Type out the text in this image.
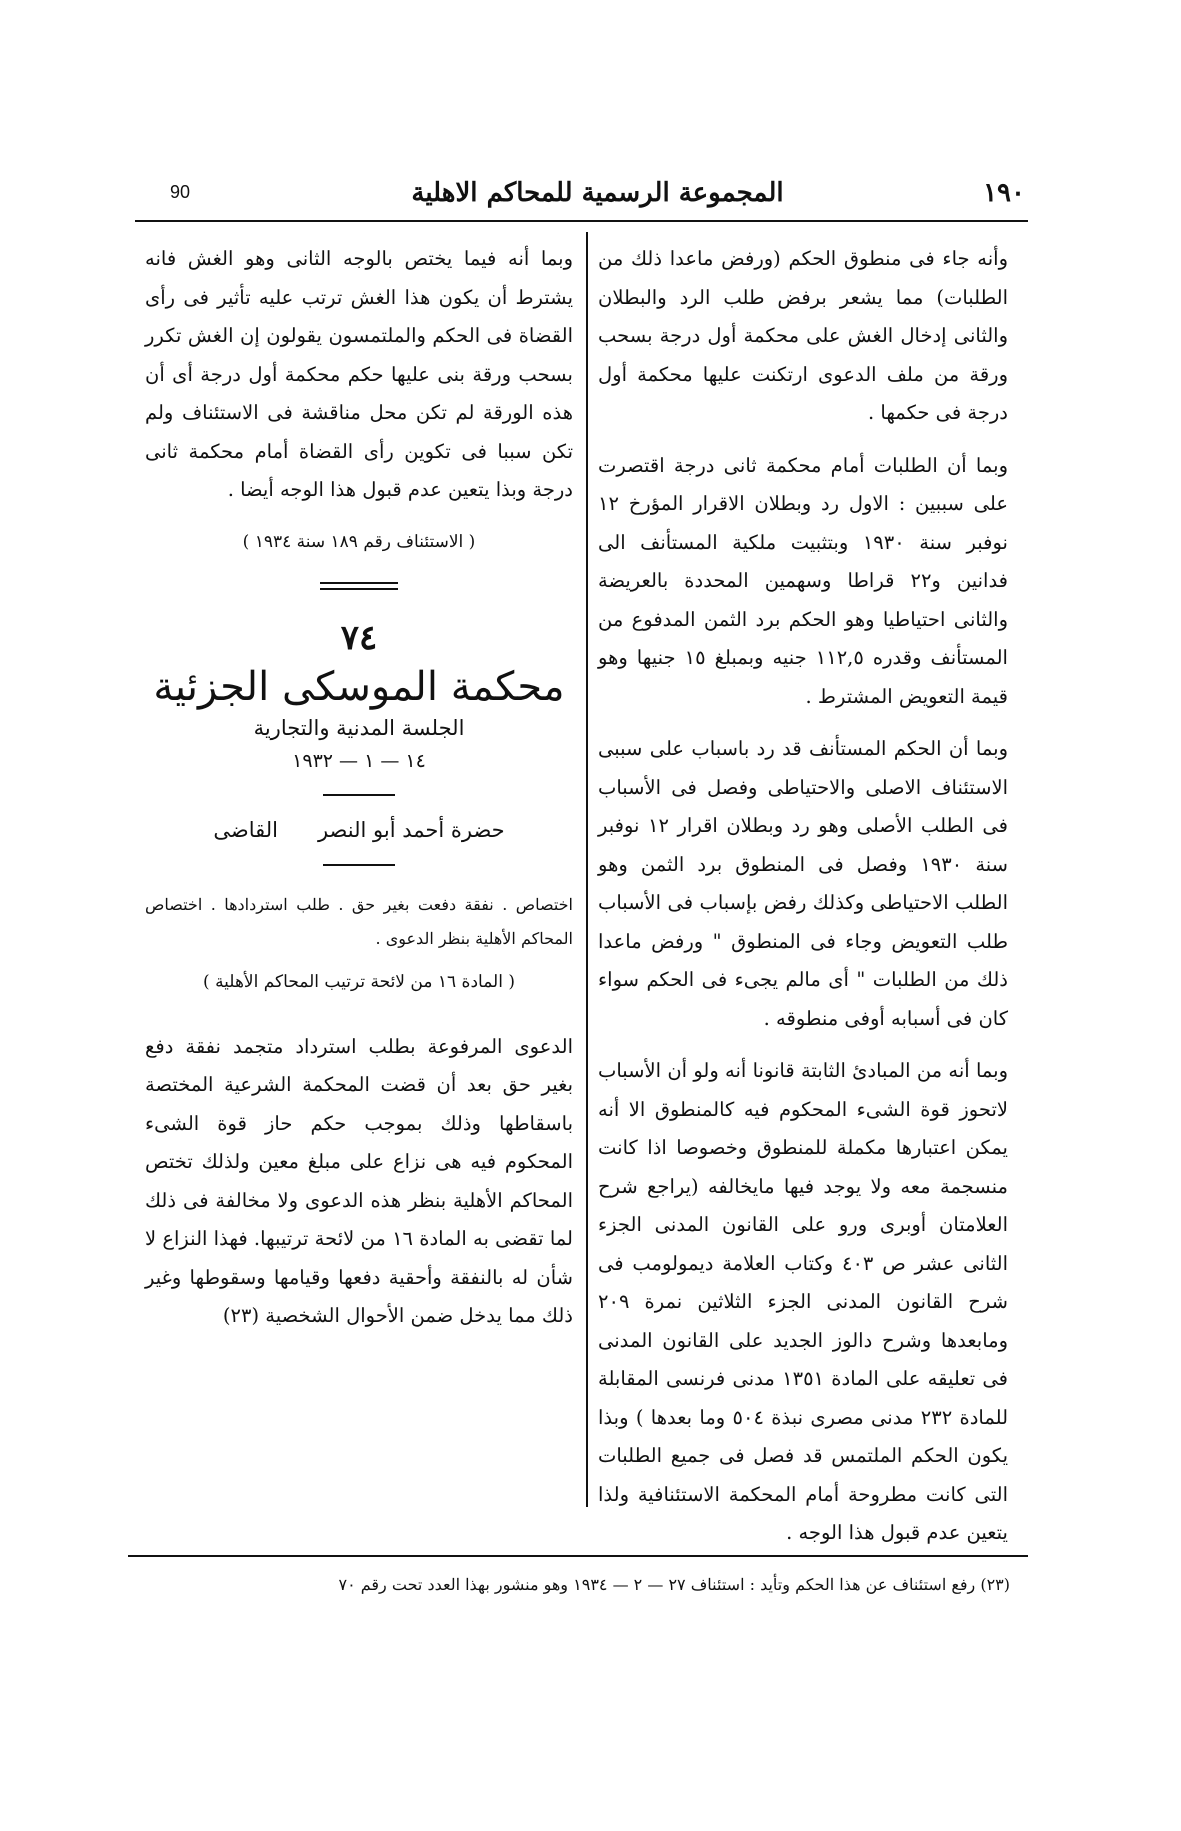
١٩٠
المجموعة الرسمية للمحاكم الاهلية
90

وأنه جاء فى منطوق الحكم (ورفض ماعدا ذلك من الطلبات) مما يشعر برفض طلب الرد والبطلان والثانى إدخال الغش على محكمة أول درجة بسحب ورقة من ملف الدعوى ارتكنت عليها محكمة أول درجة فى حكمها .

وبما أن الطلبات أمام محكمة ثانى درجة اقتصرت على سببين : الاول رد وبطلان الاقرار المؤرخ ١٢ نوفبر سنة ١٩٣٠ وبتثبيت ملكية المستأنف الى فدانين و٢٢ قراطا وسهمين المحددة بالعريضة والثانى احتياطيا وهو الحكم برد الثمن المدفوع من المستأنف وقدره ١١٢,٥ جنيه وبمبلغ ١٥ جنيها وهو قيمة التعويض المشترط .

وبما أن الحكم المستأنف قد رد باسباب على سببى الاستئناف الاصلى والاحتياطى وفصل فى الأسباب فى الطلب الأصلى وهو رد وبطلان اقرار ١٢ نوفبر سنة ١٩٣٠ وفصل فى المنطوق برد الثمن وهو الطلب الاحتياطى وكذلك رفض بإسباب فى الأسباب طلب التعويض وجاء فى المنطوق " ورفض ماعدا ذلك من الطلبات " أى مالم يجىء فى الحكم سواء كان فى أسبابه أوفى منطوقه .

وبما أنه من المبادئ الثابتة قانونا أنه ولو أن الأسباب لاتحوز قوة الشىء المحكوم فيه كالمنطوق الا أنه يمكن اعتبارها مكملة للمنطوق وخصوصا اذا كانت منسجمة معه ولا يوجد فيها مايخالفه (يراجع شرح العلامتان أوبرى ورو على القانون المدنى الجزء الثانى عشر ص ٤٠٣ وكتاب العلامة ديمولومب فى شرح القانون المدنى الجزء الثلاثين نمرة ٢٠٩ ومابعدها وشرح دالوز الجديد على القانون المدنى فى تعليقه على المادة ١٣٥١ مدنى فرنسى المقابلة للمادة ٢٣٢ مدنى مصرى نبذة ٥٠٤ وما بعدها ) وبذا يكون الحكم الملتمس قد فصل فى جميع الطلبات التى كانت مطروحة أمام المحكمة الاستئنافية ولذا يتعين عدم قبول هذا الوجه .

وبما أنه فيما يختص بالوجه الثانى وهو الغش فانه يشترط أن يكون هذا الغش ترتب عليه تأثير فى رأى القضاة فى الحكم والملتمسون يقولون إن الغش تكرر بسحب ورقة بنى عليها حكم محكمة أول درجة أى أن هذه الورقة لم تكن محل مناقشة فى الاستئناف ولم تكن سببا فى تكوين رأى القضاة أمام محكمة ثانى درجة وبذا يتعين عدم قبول هذا الوجه أيضا .

( الاستئناف رقم ١٨٩ سنة ١٩٣٤ )
٧٤
محكمة الموسكى الجزئية
الجلسة المدنية والتجارية
١٤ — ١ — ١٩٣٢
حضرة أحمد أبو النصرالقاضى

اختصاص . نفقة دفعت بغير حق . طلب استردادها . اختصاص المحاكم الأهلية بنظر الدعوى .

( المادة ١٦ من لائحة ترتيب المحاكم الأهلية )

الدعوى المرفوعة بطلب استرداد متجمد نفقة دفع بغير حق بعد أن قضت المحكمة الشرعية المختصة باسقاطها وذلك بموجب حكم حاز قوة الشىء المحكوم فيه هى نزاع على مبلغ معين ولذلك تختص المحاكم الأهلية بنظر هذه الدعوى ولا مخالفة فى ذلك لما تقضى به المادة ١٦ من لائحة ترتيبها. فهذا النزاع لا شأن له بالنفقة وأحقية دفعها وقيامها وسقوطها وغير ذلك مما يدخل ضمن الأحوال الشخصية (٢٣)

(٢٣) رفع استئناف عن هذا الحكم وتأيد : استئناف ٢٧ — ٢ — ١٩٣٤ وهو منشور بهذا العدد تحت رقم ٧٠
